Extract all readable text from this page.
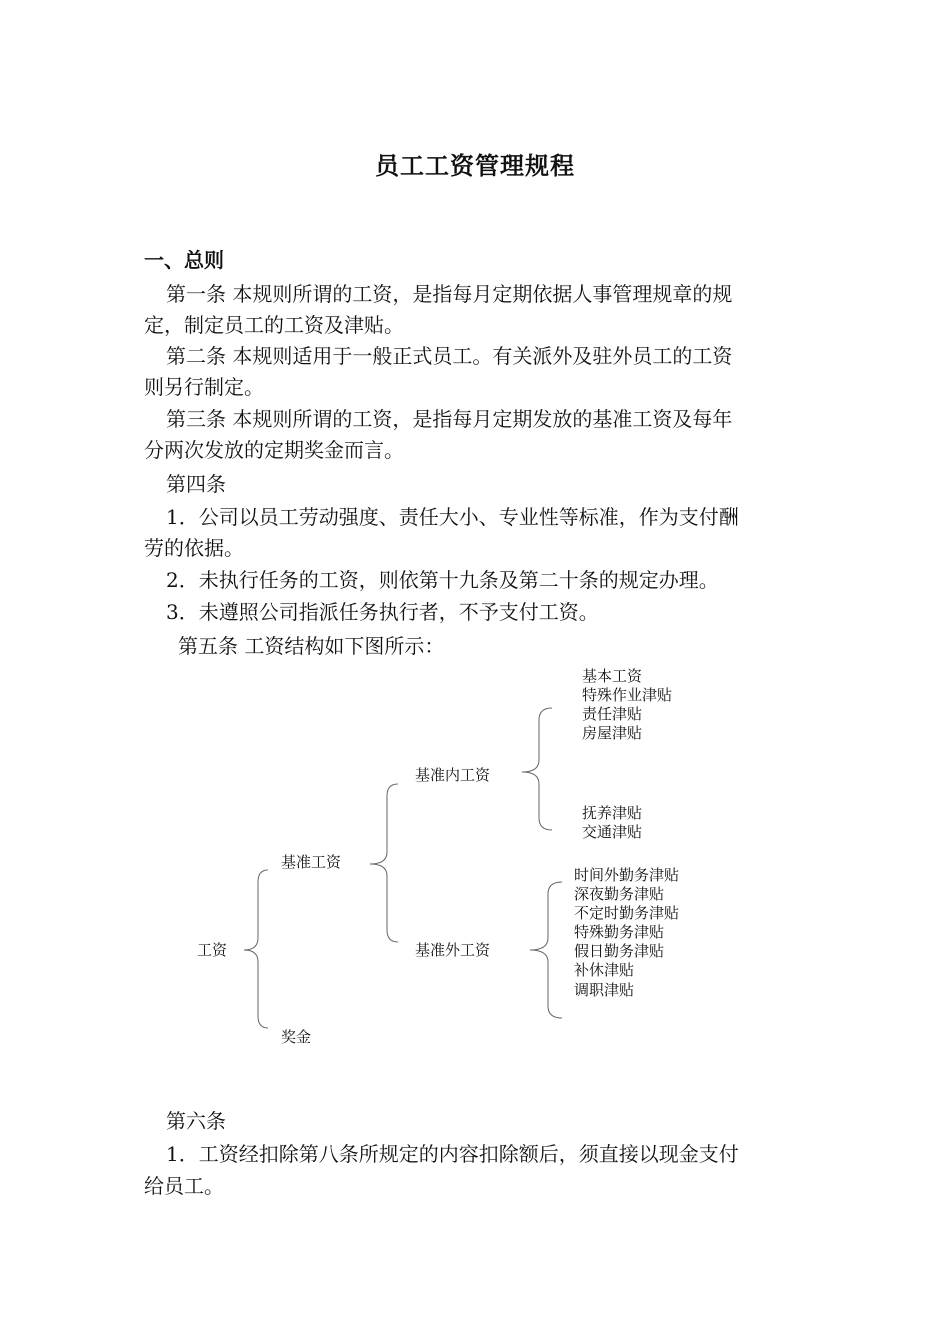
员工工资管理规程
一、总则
第一条 本规则所谓的工资，是指每月定期依据人事管理规章的规
定，制定员工的工资及津贴。
第二条 本规则适用于一般正式员工。有关派外及驻外员工的工资
则另行制定。
第三条 本规则所谓的工资，是指每月定期发放的基准工资及每年
分两次发放的定期奖金而言。
第四条
1．公司以员工劳动强度、责任大小、专业性等标准，作为支付酬
劳的依据。
2．未执行任务的工资，则依第十九条及第二十条的规定办理。
3．未遵照公司指派任务执行者，不予支付工资。
第五条 工资结构如下图所示：
工资
基准工资
奖金
基准内工资
基准外工资
基本工资
特殊作业津贴
责任津贴
房屋津贴
抚养津贴
交通津贴
时间外勤务津贴
深夜勤务津贴
不定时勤务津贴
特殊勤务津贴
假日勤务津贴
补休津贴
调职津贴
第六条
1．工资经扣除第八条所规定的内容扣除额后，须直接以现金支付
给员工。
